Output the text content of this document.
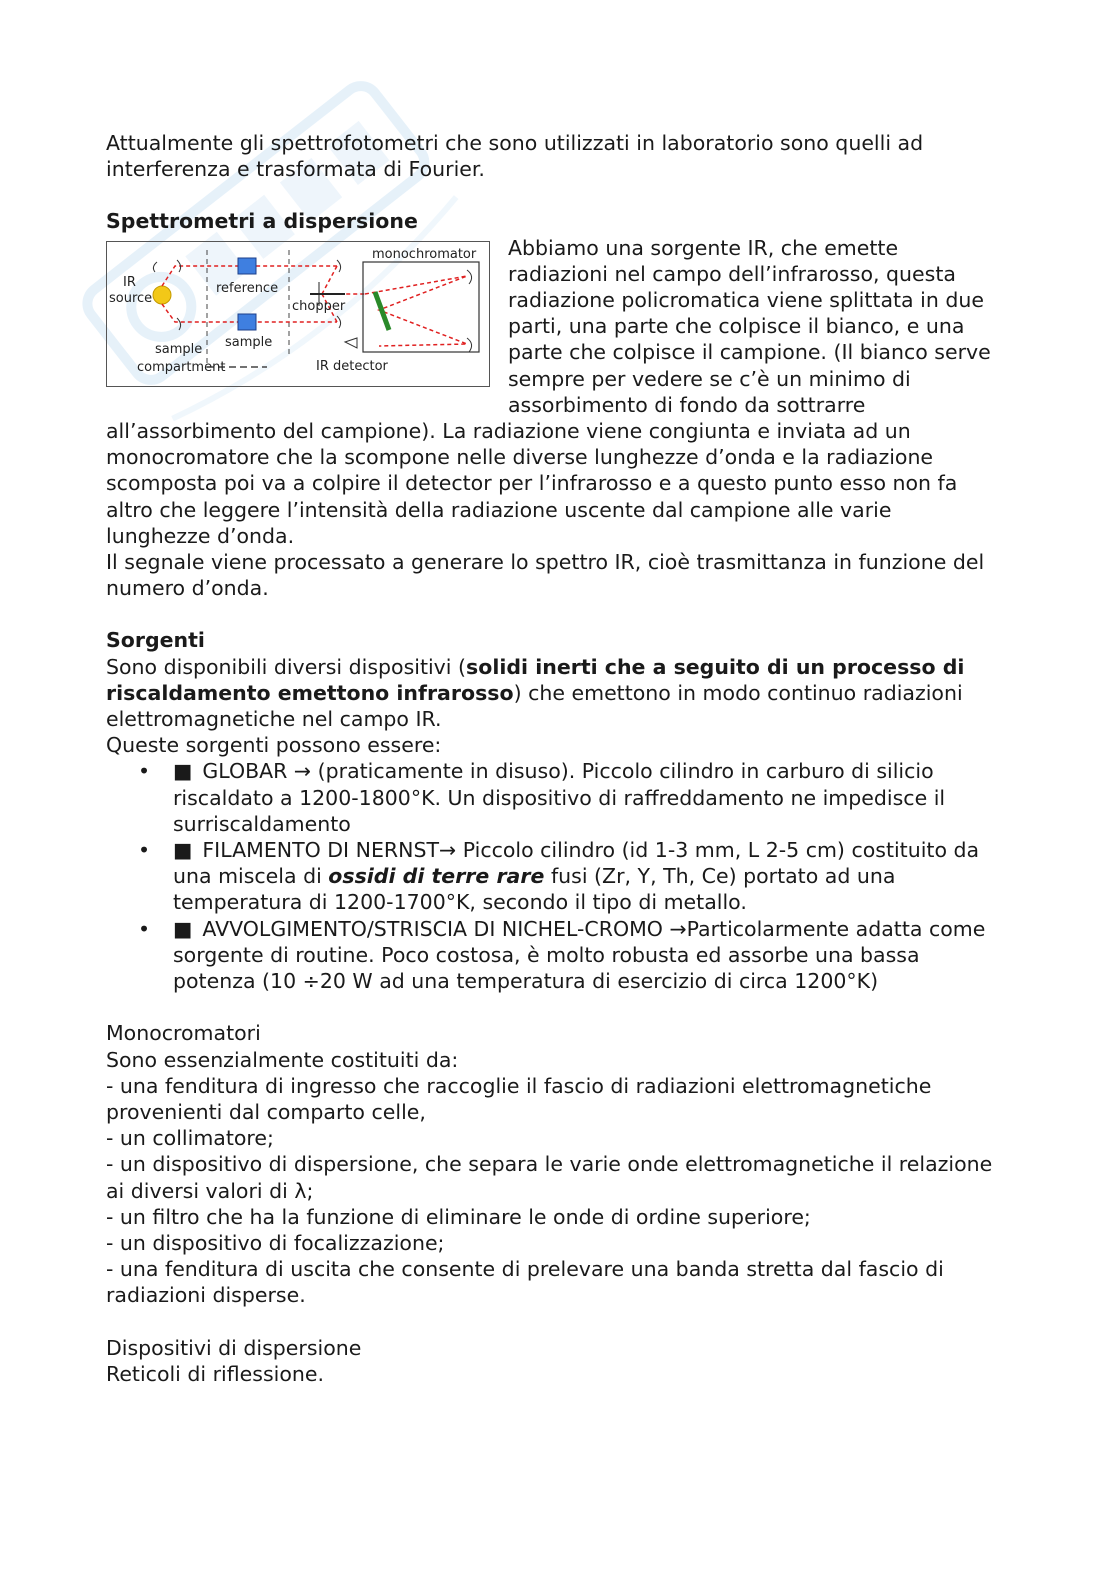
Attualmente gli spettrofotometri che sono utilizzati in laboratorio sono quelli ad interferenza e trasformata di Fourier.

Spettrometri a dispersione

IR
source
reference
sample
sample
compartment
chopper
monochromator
IR detector

Abbiamo una sorgente IR, che emette radiazioni nel campo dell’infrarosso, questa radiazione policromatica viene splittata in due parti, una parte che colpisce il bianco, e una parte che colpisce il campione. (Il bianco serve sempre per vedere se c’è un minimo di assorbimento di fondo da sottrarre all’assorbimento del campione). La radiazione viene congiunta e inviata ad un monocromatore che la scompone nelle diverse lunghezze d’onda e la radiazione scomposta poi va a colpire il detector per l’infrarosso e a questo punto esso non fa altro che leggere l’intensità della radiazione uscente dal campione alle varie lunghezze d’onda.

Il segnale viene processato a generare lo spettro IR, cioè trasmittanza in funzione del numero d’onda.

Sorgenti

Sono disponibili diversi dispositivi (solidi inerti che a seguito di un processo di riscaldamento emettono infrarosso) che emettono in modo continuo radiazioni elettromagnetiche nel campo IR.

Queste sorgenti possono essere:

• ■ GLOBAR → (praticamente in disuso). Piccolo cilindro in carburo di silicio riscaldato a 1200-1800°K. Un dispositivo di raffreddamento ne impedisce il surriscaldamento
• ■ FILAMENTO DI NERNST→ Piccolo cilindro (id 1-3 mm, L 2-5 cm) costituito da una miscela di ossidi di terre rare fusi (Zr, Y, Th, Ce) portato ad una temperatura di 1200-1700°K, secondo il tipo di metallo.
• ■ AVVOLGIMENTO/STRISCIA DI NICHEL-CROMO →Particolarmente adatta come sorgente di routine. Poco costosa, è molto robusta ed assorbe una bassa potenza (10 ÷20 W ad una temperatura di esercizio di circa 1200°K)

Monocromatori

Sono essenzialmente costituiti da:

- una fenditura di ingresso che raccoglie il fascio di radiazioni elettromagnetiche provenienti dal comparto celle,

- un collimatore;

- un dispositivo di dispersione, che separa le varie onde elettromagnetiche il relazione ai diversi valori di λ;

- un filtro che ha la funzione di eliminare le onde di ordine superiore;

- un dispositivo di focalizzazione;

- una fenditura di uscita che consente di prelevare una banda stretta dal fascio di radiazioni disperse.

Dispositivi di dispersione

Reticoli di riflessione.
